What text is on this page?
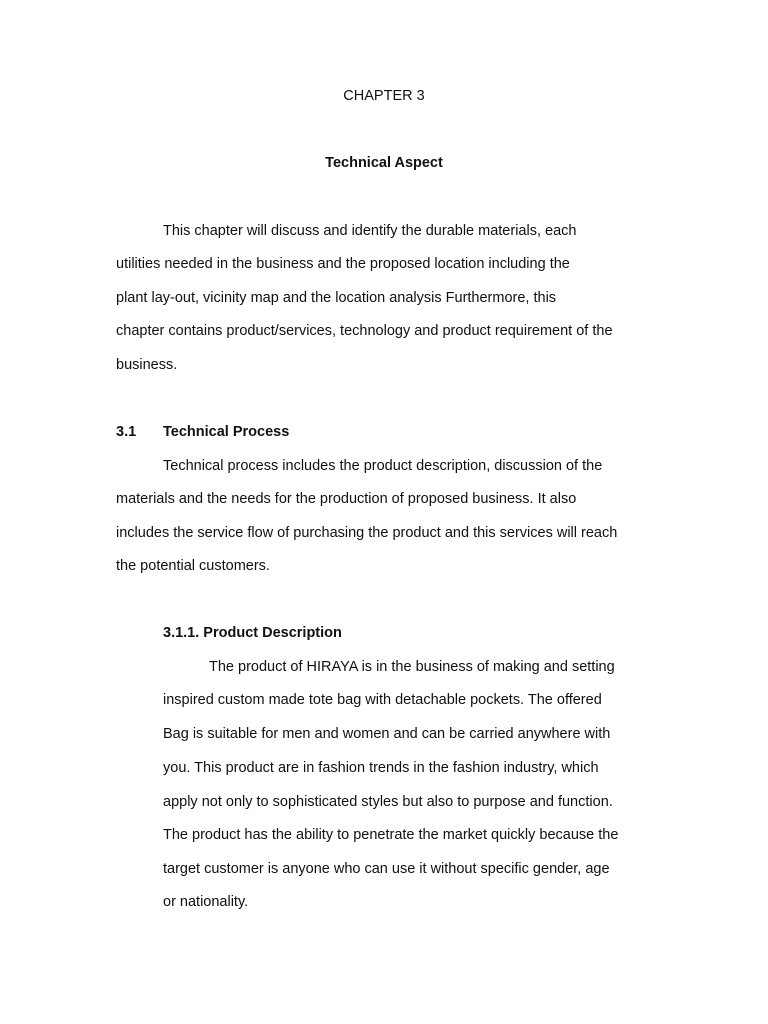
CHAPTER 3
Technical Aspect
This chapter will discuss and identify the durable materials, each
utilities needed in the business and the proposed location including the
plant lay-out, vicinity map and the location analysis Furthermore, this
chapter contains product/services, technology and product requirement of the
business.
3.1 Technical Process
Technical process includes the product description, discussion of the
materials and the needs for the production of proposed business. It also
includes the service flow of purchasing the product and this services will reach
the potential customers.
3.1.1. Product Description
The product of HIRAYA is in the business of making and setting
inspired custom made tote bag with detachable pockets. The offered
Bag is suitable for men and women and can be carried anywhere with
you. This product are in fashion trends in the fashion industry, which
apply not only to sophisticated styles but also to purpose and function.
The product has the ability to penetrate the market quickly because the
target customer is anyone who can use it without specific gender, age
or nationality.
